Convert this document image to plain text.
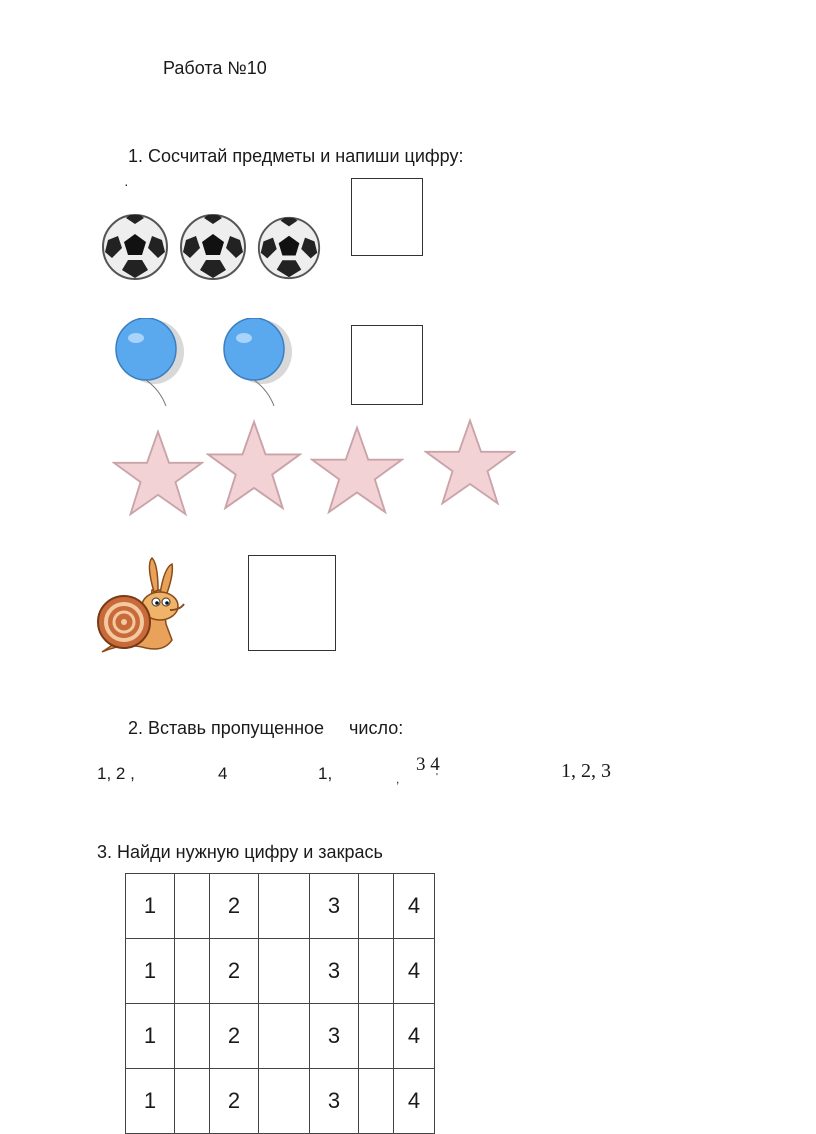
Работа №10
1. Сосчитай предметы и напиши цифру:
·
2. Вставь пропущенное     число:
1, 2 ,	4	1,	,
3 4
'	1, 2, 3
3. Найди нужную цифру и закрась
1		2		3		4
1		2		3		4
1		2		3		4
1		2		3		4
